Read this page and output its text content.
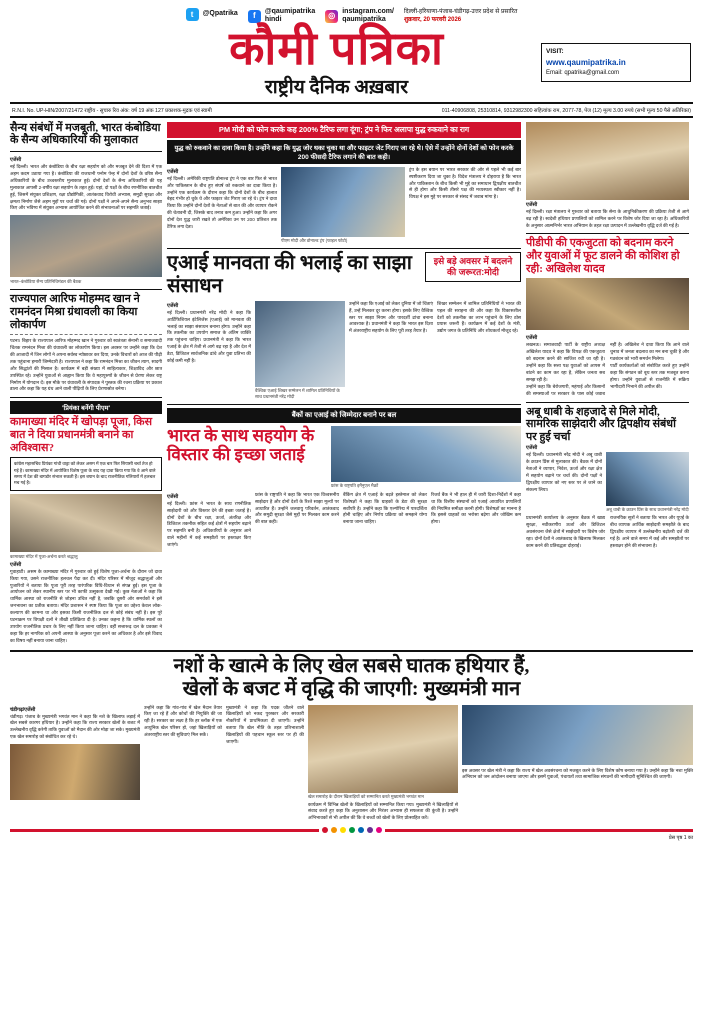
t	@Qpatrika	f	@qaumipatrika
hindi	◎	instagram.com/
qaumipatrika
दिल्ली-हरियाणा-पंजाब-चंडीगढ़-उत्तर प्रदेश से प्रसारित
शुक्रवार, 20 फरवरी 2026
कौमी पत्रिका
राष्ट्रीय दैनिक अख़बार
VISIT:
www.qaumipatrika.in
Email: qpatrika@gmail.com
R.N.I. No. UP-HIN/2007/21472 राष्ट्रीय - सुचारु रिव अंक: वर्ष 19 अंक 127 प्रकाशक-मुद्रक एवं स्वामी	011-40906808, 25310814, 9312982300 सहित्यांक राम, 2077-78, पेज (12) मूल्य 3.00 रुपये (सभी मूल्य 50 पैसे अतिरिक्त)
सैन्य संबंधों में मजबूती, भारत कंबोडिया के सैन्य अधिकारियों की मुलाकात
एजेंसी
नई दिल्ली। भारत और कंबोडिया के बीच रक्षा सहयोग को और मजबूत देने की दिशा में एक अहम कदम उठाया गया है। कंबोडिया की राजधानी फ्नोम पेन्ह में दोनों देशों के वरिष्ठ सैन्य अधिकारियों के बीच उच्चस्तरीय मुलाकात हुई। दोनों देशों के सैन्य अधिकारियों की यह मुलाकात आपसी 2-वर्षीय रक्षा सहयोग के तहत हुई। यहां, दो पक्षों के बीच रणनीतिक बातचीत हुई, जिसमें संयुक्त प्रशिक्षण, रक्षा प्रौद्योगिकी, आतंकवाद विरोधी अभ्यास, समुद्री सुरक्षा और क्षमता निर्माण जैसे अहम मुद्दों पर चर्चा की गई। दोनों पक्षों ने अपने-अपने सैन्य अनुभव साझा किए और भविष्य में संयुक्त अभ्यास आयोजित करने की संभावनाओं पर सहमति जताई।
भारत–कंबोडिया सैन्य प्रतिनिधिमंडल की बैठक
राज्यपाल आरिफ मोहम्मद खान ने रामनंदन मिश्रा ग्रंथावली का किया लोकार्पण
पटना। बिहार के राज्यपाल आरिफ मोहम्मद खान ने गुरुवार को स्वतंत्रता सेनानी व समाजवादी चिंतक रामनंदन मिश्रा की ग्रंथावली का लोकार्पण किया। इस अवसर पर उन्होंने कहा कि देश की आजादी में जिन लोगों ने अपना सर्वस्व न्योछावर कर दिया, उनके विचारों को आज की पीढ़ी तक पहुंचाना हमारी जिम्मेदारी है। राज्यपाल ने कहा कि रामनंदन मिश्रा का जीवन त्याग, सादगी और सिद्धांतों की मिसाल है। कार्यक्रम में बड़ी संख्या में साहित्यकार, शिक्षाविद और छात्र उपस्थित रहे। उन्होंने युवाओं से आह्वान किया कि वे महापुरुषों के जीवन से प्रेरणा लेकर राष्ट्र निर्माण में योगदान दें। इस मौके पर ग्रंथावली के संपादक ने पुस्तक की रचना प्रक्रिया पर प्रकाश डाला और कहा कि यह ग्रंथ आने वाली पीढ़ियों के लिए प्रेरणास्रोत बनेगा।
'प्रियंका बनेंगी पीएम'
कामाख्या मंदिर में खोपड़ा पूजा, किस बात ने दिया प्रधानमंत्री बनाने का अविश्वास?
कांग्रेस महासचिव प्रियंका गांधी वाड्रा को लेकर असम में एक बार फिर सियासी चर्चा तेज हो गई है। कामाख्या मंदिर में आयोजित विशेष पूजा के बाद यह दावा किया गया कि वे आने वाले समय में देश की बागडोर संभाल सकती हैं। इस बयान के बाद राजनीतिक गलियारों में हलचल मच गई है।
कामाख्या मंदिर में पूजा-अर्चना करते श्रद्धालु
एजेंसी
गुवाहाटी। असम के कामाख्या मंदिर में गुरुवार को हुई विशेष पूजा-अर्चना के दौरान जो दावा किया गया, उसने राजनीतिक हलचल पैदा कर दी। मंदिर परिसर में मौजूद श्रद्धालुओं और पुजारियों ने बताया कि पूजा पूरी तरह पारंपरिक विधि-विधान से संपन्न हुई। इस पूजा के आयोजन को लेकर स्थानीय स्तर पर भी काफी उत्सुकता देखी गई। कुछ नेताओं ने कहा कि धार्मिक आस्था को राजनीति से जोड़ना उचित नहीं है, जबकि दूसरी ओर समर्थकों ने इसे जनभावना का प्रतीक बताया। मंदिर प्रशासन ने स्पष्ट किया कि पूजा का उद्देश्य केवल लोक-कल्याण की कामना था और इसका किसी राजनीतिक दल से कोई संबंध नहीं है। इस पूरे घटनाक्रम पर विपक्षी दलों ने तीखी प्रतिक्रिया दी है। उनका कहना है कि धार्मिक स्थलों का उपयोग राजनीतिक प्रचार के लिए नहीं किया जाना चाहिए। वहीं सत्तारूढ़ दल के प्रवक्ता ने कहा कि हर नागरिक को अपनी आस्था के अनुसार पूजा करने का अधिकार है और इसे विवाद का विषय नहीं बनाया जाना चाहिए।
PM मोदी को फोन करके कह 200% टैरिफ लगा दूंगा; ट्रंप ने फिर अलापा युद्ध रुकवाने का राग
युद्ध को रुकवाने का दावा किया है। उन्होंने कहा कि युद्ध जोर थका चुका था और फाइटर जेट गिराए जा रहे थे। ऐसे में उन्होंने दोनों देशों को फोन करके 200 फीसदी टैरिफ लगाने की बात कही।
एजेंसी
नई दिल्ली। अमेरिकी राष्ट्रपति डोनाल्ड ट्रंप ने एक बार फिर से भारत और पाकिस्तान के बीच हुए संघर्ष को रुकवाने का दावा किया है। उन्होंने एक कार्यक्रम के दौरान कहा कि दोनों देशों के बीच हालात बेहद गंभीर हो चुके थे और फाइटर जेट गिराए जा रहे थे। ट्रंप ने दावा किया कि उन्होंने दोनों देशों के नेताओं से बात की और व्यापार रोकने की चेतावनी दी, जिसके बाद तनाव कम हुआ। उन्होंने कहा कि अगर दोनों देश युद्ध जारी रखते तो अमेरिका उन पर 200 प्रतिशत तक टैरिफ लगा देता।
पीएम मोदी और डोनाल्ड ट्रंप (फाइल फोटो)
ट्रंप के इस बयान पर भारत सरकार की ओर से पहले भी कई बार स्पष्टीकरण दिया जा चुका है। विदेश मंत्रालय ने दोहराया है कि भारत और पाकिस्तान के बीच किसी भी मुद्दे का समाधान द्विपक्षीय बातचीत से ही होगा और किसी तीसरे पक्ष की मध्यस्थता स्वीकार नहीं है। विपक्ष ने इस मुद्दे पर सरकार से संसद में जवाब मांगा है।
एआई मानवता की भलाई का साझा संसाधन
इसे बड़े अवसर में बदलने की जरूरत:मोदी
एजेंसी
नई दिल्ली। प्रधानमंत्री नरेंद्र मोदी ने कहा कि आर्टिफिशियल इंटेलिजेंस (एआई) को मानवता की भलाई का साझा संसाधन बनाना होगा। उन्होंने कहा कि तकनीक का उपयोग समाज के अंतिम व्यक्ति तक पहुंचना चाहिए। प्रधानमंत्री ने कहा कि भारत एआई के क्षेत्र में तेजी से आगे बढ़ रहा है और देश में डेटा, डिजिटल सार्वजनिक ढांचे और युवा प्रतिभा की कोई कमी नहीं है।
वैश्विक एआई शिखर सम्मेलन में शामिल प्रतिनिधियों के साथ प्रधानमंत्री नरेंद्र मोदी
उन्होंने कहा कि एआई को लेकर दुनिया में जो चिंताएं हैं, उन्हें मिलकर दूर करना होगा। इसके लिए वैश्विक स्तर पर साझा नियम और पारदर्शी ढांचा बनाना आवश्यक है। प्रधानमंत्री ने कहा कि भारत इस दिशा में अंतरराष्ट्रीय सहयोग के लिए पूरी तरह तैयार है।
शिखर सम्मेलन में शामिल प्रतिनिधियों ने भारत की पहल की सराहना की और कहा कि विकासशील देशों को तकनीक का लाभ पहुंचाने के लिए ठोस प्रयास जरूरी हैं। कार्यक्रम में कई देशों के मंत्री, उद्योग जगत के प्रतिनिधि और शोधकर्ता मौजूद रहे।
बैंकों का एआई को जिम्मेदार बनाने पर बल
भारत के साथ सहयोग के विस्तार की इच्छा जताई
फ्रांस के राष्ट्रपति इमैनुएल मैक्रों
एजेंसी
नई दिल्ली। फ्रांस ने भारत के साथ रणनीतिक साझेदारी को और विस्तार देने की इच्छा जताई है। दोनों देशों के बीच रक्षा, ऊर्जा, अंतरिक्ष और डिजिटल तकनीक सहित कई क्षेत्रों में सहयोग बढ़ाने पर सहमति बनी है। अधिकारियों के अनुसार आने वाले महीनों में कई समझौतों पर हस्ताक्षर किए जाएंगे।
फ्रांस के राष्ट्रपति ने कहा कि भारत एक विश्वसनीय साझेदार है और दोनों देशों के रिश्ते साझा मूल्यों पर आधारित हैं। उन्होंने जलवायु परिवर्तन, आतंकवाद और समुद्री सुरक्षा जैसे मुद्दों पर मिलकर काम करने की बात कही।
बैंकिंग क्षेत्र में एआई के बढ़ते इस्तेमाल को लेकर विशेषज्ञों ने कहा कि ग्राहकों के डेटा की सुरक्षा सर्वोपरि है। उन्होंने कहा कि एल्गोरिद्म में पारदर्शिता होनी चाहिए और निर्णय प्रक्रिया को समझने योग्य बनाया जाना चाहिए।
रिजर्व बैंक ने भी हाल ही में जारी दिशा-निर्देशों में कहा था कि वित्तीय संस्थानों को एआई आधारित प्रणालियों की नियमित समीक्षा करनी होगी। विशेषज्ञों का मानना है कि इससे ग्राहकों का भरोसा बढ़ेगा और जोखिम कम होगा।
एजेंसी
नई दिल्ली। रक्षा मंत्रालय ने गुरुवार को बताया कि सेना के आधुनिकीकरण की प्रक्रिया तेजी से आगे बढ़ रही है। स्वदेशी हथियार प्रणालियों को शामिल करने पर विशेष जोर दिया जा रहा है। अधिकारियों के अनुसार आत्मनिर्भर भारत अभियान के तहत रक्षा उत्पादन में उल्लेखनीय वृद्धि दर्ज की गई है।
पीडीपी की एकजुटता को बदनाम करने और युवाओं में फूट डालने की कोशिश हो रही: अखिलेश यादव
एजेंसी
लखनऊ। समाजवादी पार्टी के राष्ट्रीय अध्यक्ष अखिलेश यादव ने कहा कि विपक्ष की एकजुटता को बदनाम करने की साजिश रची जा रही है। उन्होंने कहा कि सत्ता पक्ष युवाओं को आपस में बांटने का काम कर रहा है, लेकिन जनता सब समझ रही है।
उन्होंने कहा कि बेरोजगारी, महंगाई और किसानों की समस्याओं पर सरकार के पास कोई जवाब नहीं है। अखिलेश ने दावा किया कि आने वाले चुनाव में जनता बदलाव का मन बना चुकी है और गठबंधन को भारी समर्थन मिलेगा।
पार्टी कार्यकर्ताओं को संबोधित करते हुए उन्होंने कहा कि संगठन को बूथ स्तर तक मजबूत करना होगा। उन्होंने युवाओं से राजनीति में सक्रिय भागीदारी निभाने की अपील की।
अबू धाबी के शहजादे से मिले मोदी, सामरिक साझेदारी और द्विपक्षीय संबंधों पर हुई चर्चा
एजेंसी
नई दिल्ली। प्रधानमंत्री नरेंद्र मोदी ने अबू धाबी के क्राउन प्रिंस से मुलाकात की। बैठक में दोनों नेताओं ने व्यापार, निवेश, ऊर्जा और रक्षा क्षेत्र में सहयोग बढ़ाने पर चर्चा की। दोनों पक्षों ने द्विपक्षीय व्यापार को नए स्तर पर ले जाने का संकल्प लिया।
अबू धाबी के क्राउन प्रिंस के साथ प्रधानमंत्री नरेंद्र मोदी
प्रधानमंत्री कार्यालय के अनुसार बैठक में खाद्य सुरक्षा, नवीकरणीय ऊर्जा और डिजिटल अवसंरचना जैसे क्षेत्रों में साझेदारी पर विशेष जोर रहा। दोनों देशों ने आतंकवाद के खिलाफ मिलकर काम करने की प्रतिबद्धता दोहराई।
राजनयिक सूत्रों ने बताया कि भारत और यूएई के बीच व्यापक आर्थिक साझेदारी समझौते के बाद द्विपक्षीय व्यापार में उल्लेखनीय बढ़ोतरी दर्ज की गई है। आने वाले समय में कई और समझौतों पर हस्ताक्षर होने की संभावना है।
नशों के खात्मे के लिए खेल सबसे घातक हथियार हैं,
खेलों के बजट में वृद्धि की जाएगी: मुख्यमंत्री मान
चंडीगढ़/एजेंसी
चंडीगढ़। पंजाब के मुख्यमंत्री भगवंत मान ने कहा कि नशे के खिलाफ लड़ाई में खेल सबसे कारगर हथियार है। उन्होंने कहा कि राज्य सरकार खेलों के बजट में उल्लेखनीय वृद्धि करेगी ताकि युवाओं को मैदान की ओर मोड़ा जा सके। मुख्यमंत्री एक खेल समारोह को संबोधित कर रहे थे।
उन्होंने कहा कि गांव-गांव में खेल मैदान तैयार किए जा रहे हैं और कोचों की नियुक्ति की जा रही है। सरकार का लक्ष्य है कि हर ब्लॉक में एक आधुनिक खेल परिसर हो, जहां खिलाड़ियों को अंतरराष्ट्रीय स्तर की सुविधाएं मिल सकें।
मुख्यमंत्री ने कहा कि पदक जीतने वाले खिलाड़ियों को नकद पुरस्कार और सरकारी नौकरियों में प्राथमिकता दी जाएगी। उन्होंने बताया कि खेल नीति के तहत प्रतिभाशाली खिलाड़ियों की पहचान स्कूल स्तर पर ही की जाएगी।
खेल समारोह के दौरान खिलाड़ियों को सम्मानित करते मुख्यमंत्री भगवंत मान
कार्यक्रम में विभिन्न खेलों के खिलाड़ियों को सम्मानित किया गया। मुख्यमंत्री ने खिलाड़ियों से संवाद करते हुए कहा कि अनुशासन और निरंतर अभ्यास ही सफलता की कुंजी है। उन्होंने अभिभावकों से भी अपील की कि वे बच्चों को खेलों के लिए प्रोत्साहित करें।
इस अवसर पर खेल मंत्री ने कहा कि राज्य में खेल अवसंरचना को मजबूत करने के लिए विशेष कोष बनाया गया है। उन्होंने कहा कि नशा मुक्ति अभियान को जन आंदोलन बनाया जाएगा और इसमें युवाओं, पंचायतों तथा सामाजिक संगठनों की भागीदारी सुनिश्चित की जाएगी।
प्रेस पृष्ठ 1 का
